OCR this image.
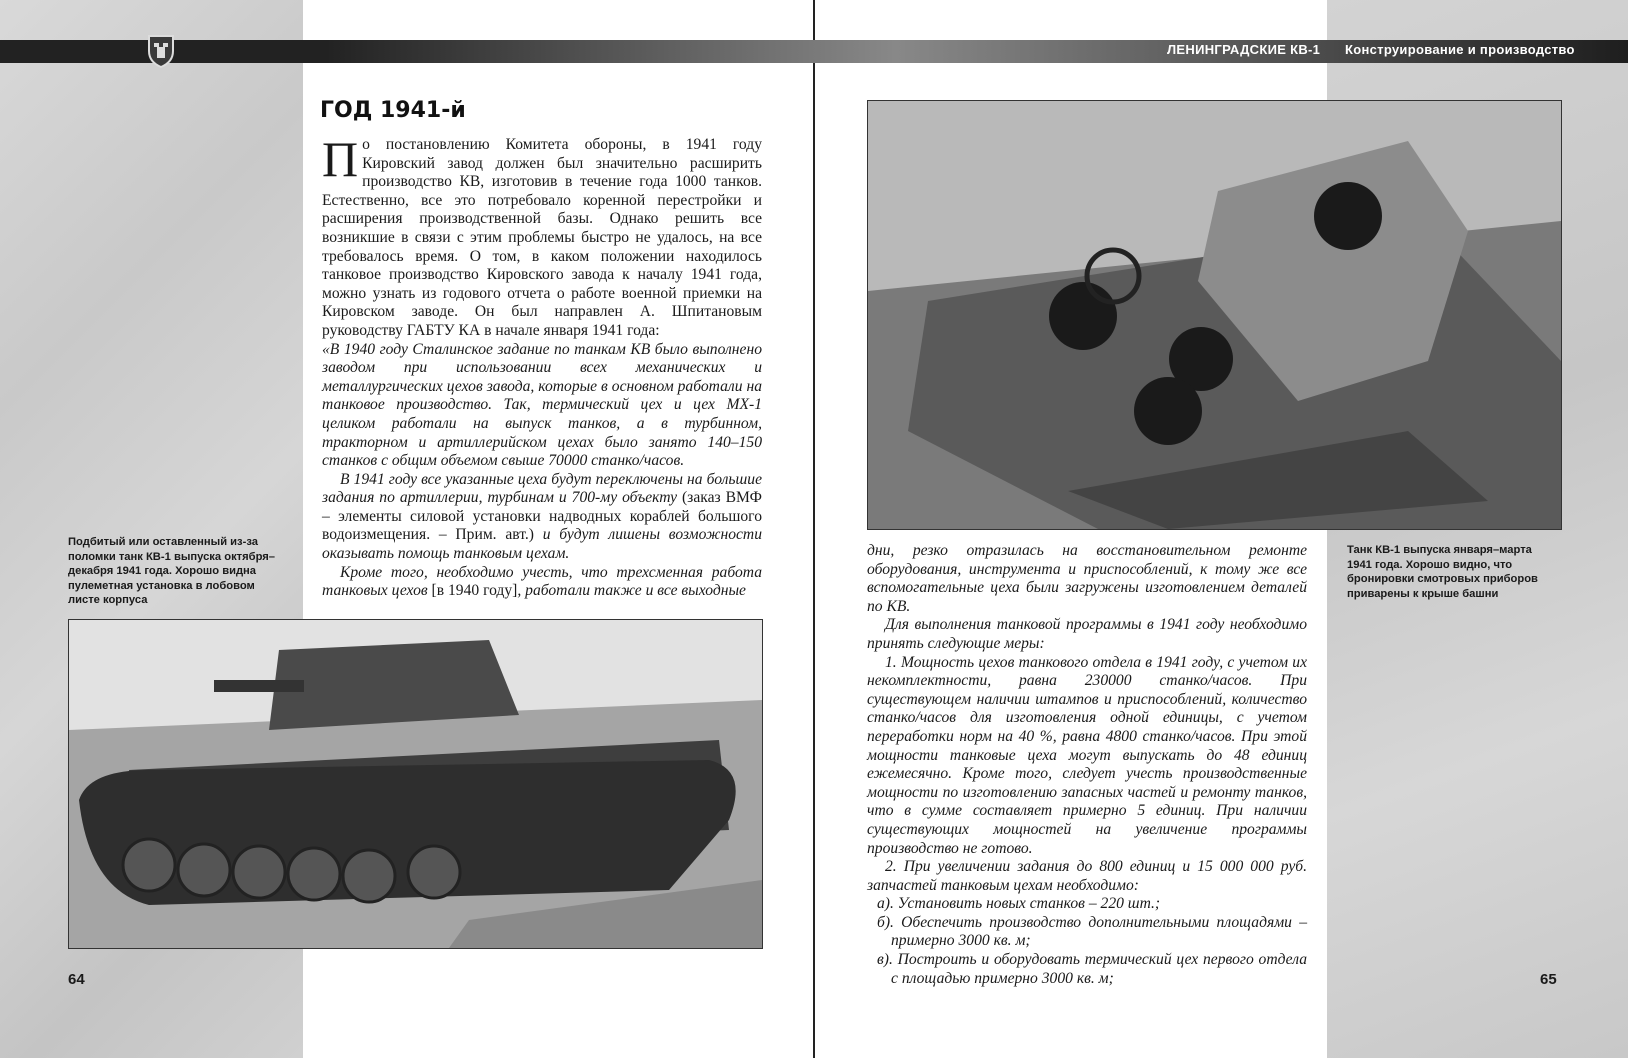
ЛЕНИНГРАДСКИЕ КВ-1 Конструирование и производство
ГОД 1941-й

По постановлению Комитета обороны, в 1941 году Кировский завод должен был значительно расширить производство КВ, изготовив в течение года 1000 танков. Естественно, все это потребовало коренной перестройки и расширения производственной базы. Однако решить все возникшие в связи с этим проблемы быстро не удалось, на все требовалось время. О том, в каком положении находилось танковое производство Кировского завода к началу 1941 года, можно узнать из годового отчета о работе военной приемки на Кировском заводе. Он был направлен А. Шпитановым руководству ГАБТУ КА в начале января 1941 года:

«В 1940 году Сталинское задание по танкам КВ было выполнено заводом при использовании всех механических и металлургических цехов завода, которые в основном работали на танковое производство. Так, термический цех и цех МХ-1 целиком работали на выпуск танков, а в турбинном, тракторном и артиллерийском цехах было занято 140–150 станков с общим объемом свыше 70000 станко/часов.

В 1941 году все указанные цеха будут переключены на большие задания по артиллерии, турбинам и 700-му объекту (заказ ВМФ – элементы силовой установки надводных кораблей большого водоизмещения. – Прим. авт.) и будут лишены возможности оказывать помощь танковым цехам.

Кроме того, необходимо учесть, что трехсменная работа танковых цехов [в 1940 году], работали также и все выходные

Подбитый или оставленный из-за поломки танк КВ-1 выпуска октября–декабря 1941 года. Хорошо видна пулеметная установка в лобовом листе корпуса

64

Танк КВ-1 выпуска января–марта 1941 года. Хорошо видно, что бронировки смотровых приборов приварены к крыше башни

дни, резко отразилась на восстановительном ремонте оборудования, инструмента и приспособлений, к тому же все вспомогательные цеха были загружены изготовлением деталей по КВ.

Для выполнения танковой программы в 1941 году необходимо принять следующие меры:

1. Мощность цехов танкового отдела в 1941 году, с учетом их некомплектности, равна 230000 станко/часов. При существующем наличии штампов и приспособлений, количество станко/часов для изготовления одной единицы, с учетом переработки норм на 40 %, равна 4800 станко/часов. При этой мощности танковые цеха могут выпускать до 48 единиц ежемесячно. Кроме того, следует учесть производственные мощности по изготовлению запасных частей и ремонту танков, что в сумме составляет примерно 5 единиц. При наличии существующих мощностей на увеличение программы производство не готово.

2. При увеличении задания до 800 единиц и 15 000 000 руб. запчастей танковым цехам необходимо:

а). Установить новых станков – 220 шт.;

б). Обеспечить производство дополнительными площадями – примерно 3000 кв. м;

в). Построить и оборудовать термический цех первого отдела с площадью примерно 3000 кв. м;	65
